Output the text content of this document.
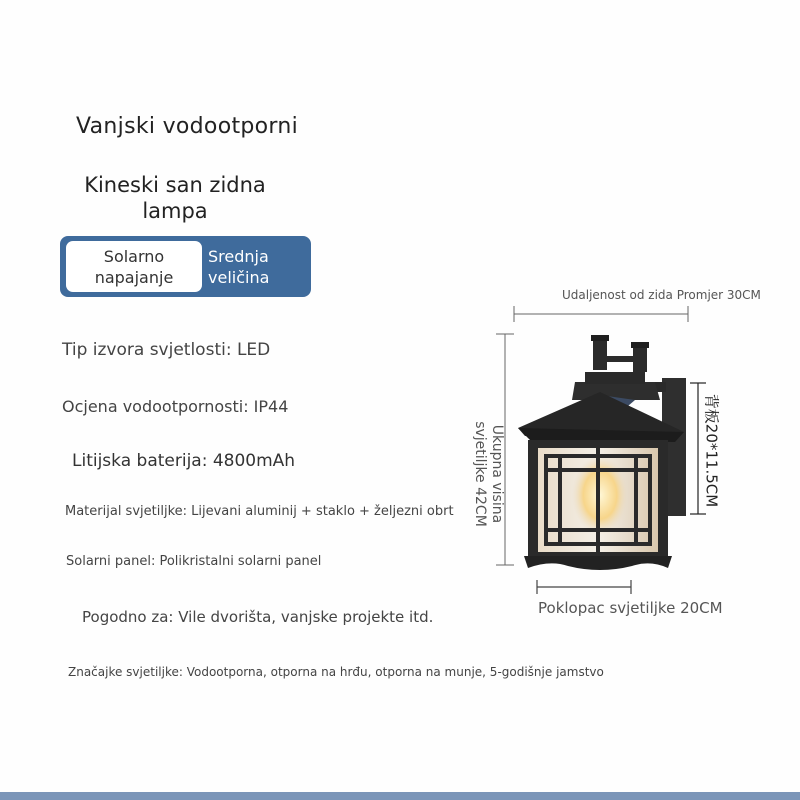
Vanjski vodootporni
Kineski san zidna lampa
Solarno napajanje
Srednja veličina
Tip izvora svjetlosti: LED
Ocjena vodootpornosti: IP44
Litijska baterija: 4800mAh
Materijal svjetiljke: Lijevani aluminij + staklo + željezni obrt
Solarni panel: Polikristalni solarni panel
Pogodno za: Vile dvorišta, vanjske projekte itd.
Značajke svjetiljke: Vodootporna, otporna na hrđu, otporna na munje, 5-godišnje jamstvo
Udaljenost od zida Promjer 30CM
Poklopac svjetiljke 20CM
Ukupna visina svjetiljke 42CM	背板20*11.5CM
